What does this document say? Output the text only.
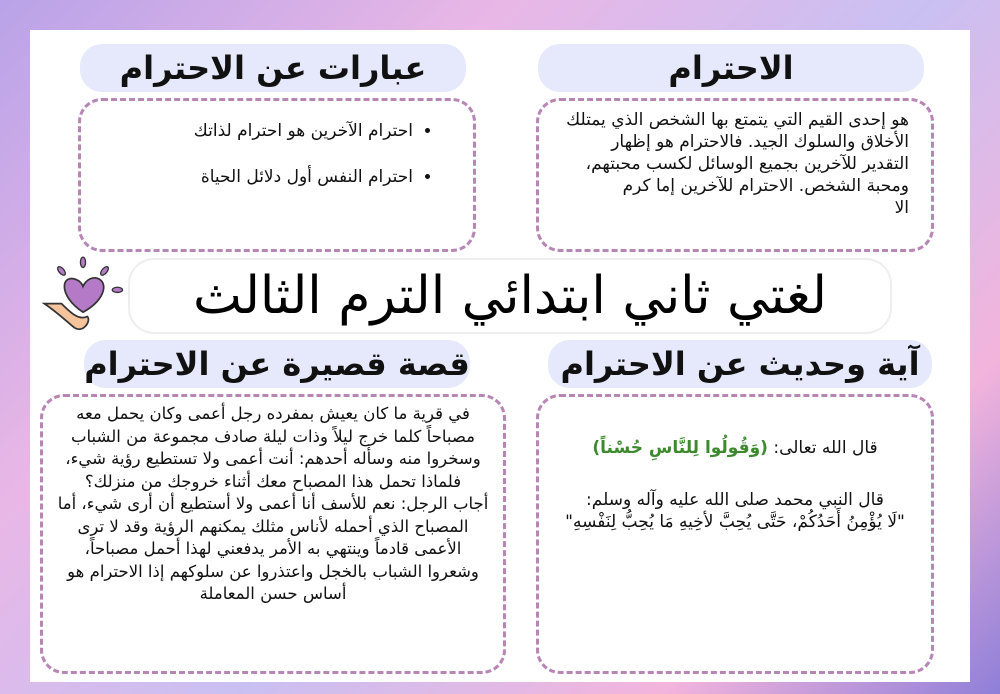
الاحترام

هو إحدى القيم التي يتمتع بها الشخص الذي يمتلك الأخلاق والسلوك الجيد. فالاحترام هو إظهار التقدير للآخرين بجميع الوسائل لكسب محبتهم، ومحبة الشخص. الاحترام للآخرين إما كرم

الا

عبارات عن الاحترام
• احترام الآخرين هو احترام لذاتك
• احترام النفس أول دلائل الحياة
لغتي ثاني ابتدائي الترم الثالث
قصة قصيرة عن الاحترام

في قرية ما كان يعيش بمفرده رجل أعمى وكان يحمل معه مصباحاً كلما خرج ليلاً وذات ليلة صادف مجموعة من الشباب وسخروا منه وسأله أحدهم: أنت أعمى ولا تستطيع رؤية شيء، فلماذا تحمل هذا المصباح معك أثناء خروجك من منزلك؟

أجاب الرجل: نعم للأسف أنا أعمى ولا أستطيع أن أرى شيء، أما المصباح الذي أحمله لأناس مثلك يمكنهم الرؤية وقد لا ترى الأعمى قادماً وينتهي به الأمر يدفعني لهذا أحمل مصباحاً، وشعروا الشباب بالخجل واعتذروا عن سلوكهم إذا الاحترام هو أساس حسن المعاملة

آية وحديث عن الاحترام

قال الله تعالى: (وَقُولُوا لِلنَّاسِ حُسْناً)

قال النبي محمد صلى الله عليه وآله وسلم:

"لَا يُؤْمِنُ أَحَدُكُمْ، حَتَّى يُحِبَّ لأخِيهِ مَا يُحِبُّ لِنَفْسِهِ"
